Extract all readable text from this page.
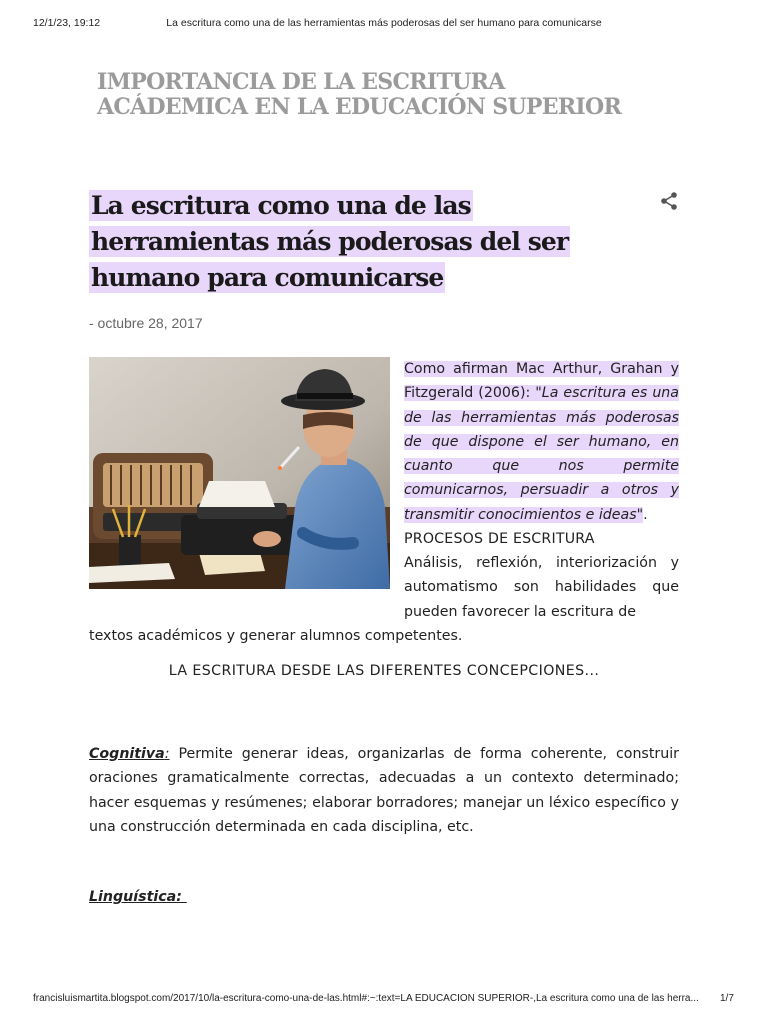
12/1/23, 19:12	La escritura como una de las herramientas más poderosas del ser humano para comunicarse
IMPORTANCIA DE LA ESCRITURA ACÁDEMICA EN LA EDUCACIÓN SUPERIOR
La escritura como una de las herramientas más poderosas del ser humano para comunicarse
- octubre 28, 2017
Como afirman Mac Arthur, Grahan y Fitzgerald (2006): "La escritura es una de las herramientas más poderosas de que dispone el ser humano, en cuanto que nos permite comunicarnos, persuadir a otros y transmitir conocimientos e ideas".
PROCESOS DE ESCRITURA
Análisis, reflexión, interiorización y automatismo son habilidades que pueden favorecer la escritura de
textos académicos y generar alumnos competentes.
LA ESCRITURA DESDE LAS DIFERENTES CONCEPCIONES...
Cognitiva: Permite generar ideas, organizarlas de forma coherente, construir oraciones gramaticalmente correctas, adecuadas a un contexto determinado; hacer esquemas y resúmenes; elaborar borradores; manejar un léxico específico y una construcción determinada en cada disciplina, etc.
Linguística:
francisluismartita.blogspot.com/2017/10/la-escritura-como-una-de-las.html#:~:text=LA EDUCACION SUPERIOR-,La escritura como una de las herra...	1/7
